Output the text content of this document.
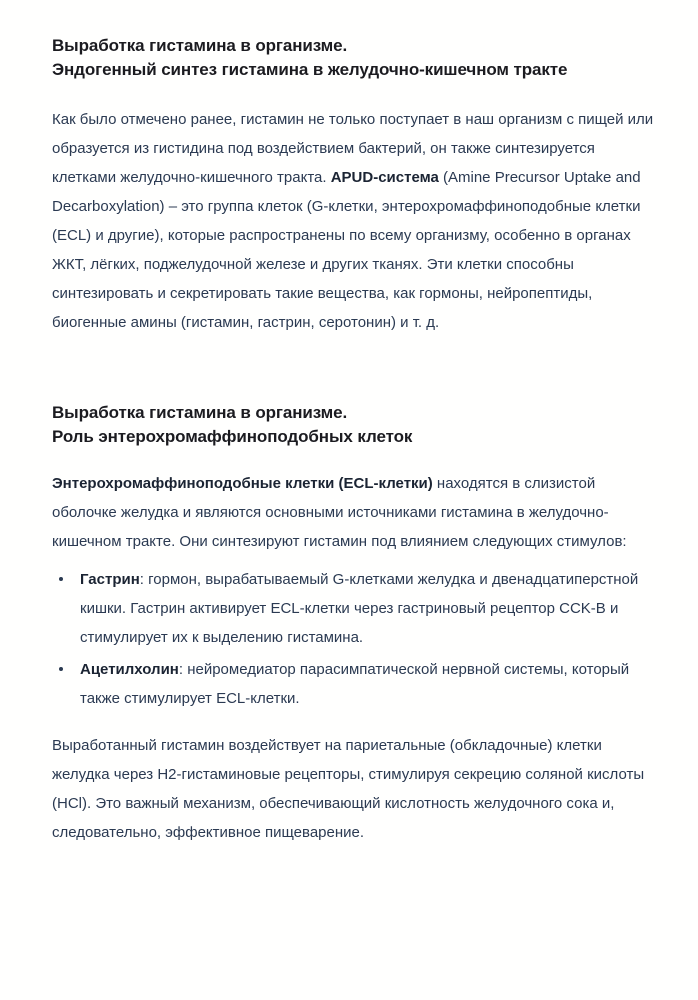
Выработка гистамина в организме.
Эндогенный синтез гистамина в желудочно-кишечном тракте

Как было отмечено ранее, гистамин не только поступает в наш организм с пищей или образуется из гистидина под воздействием бактерий, он также синтезируется клетками желудочно-кишечного тракта. APUD-система (Amine Precursor Uptake and Decarboxylation) – это группа клеток (G-клетки, энтерохромаффиноподобные клетки (ECL) и другие), которые распространены по всему организму, особенно в органах ЖКТ, лёгких, поджелудочной железе и других тканях. Эти клетки способны синтезировать и секретировать такие вещества, как гормоны, нейропептиды, биогенные амины (гистамин, гастрин, серотонин) и т. д.

Выработка гистамина в организме.
Роль энтерохромаффиноподобных клеток

Энтерохромаффиноподобные клетки (ECL-клетки) находятся в слизистой оболочке желудка и являются основными источниками гистамина в желудочно-кишечном тракте. Они синтезируют гистамин под влиянием следующих стимулов:

Гастрин: гормон, вырабатываемый G-клетками желудка и двенадцатиперстной кишки. Гастрин активирует ECL-клетки через гастриновый рецептор CCK-B и стимулирует их к выделению гистамина.
Ацетилхолин: нейромедиатор парасимпатической нервной системы, который также стимулирует ECL-клетки.

Выработанный гистамин воздействует на париетальные (обкладочные) клетки желудка через H2-гистаминовые рецепторы, стимулируя секрецию соляной кислоты (HCl). Это важный механизм, обеспечивающий кислотность желудочного сока и, следовательно, эффективное пищеварение.
